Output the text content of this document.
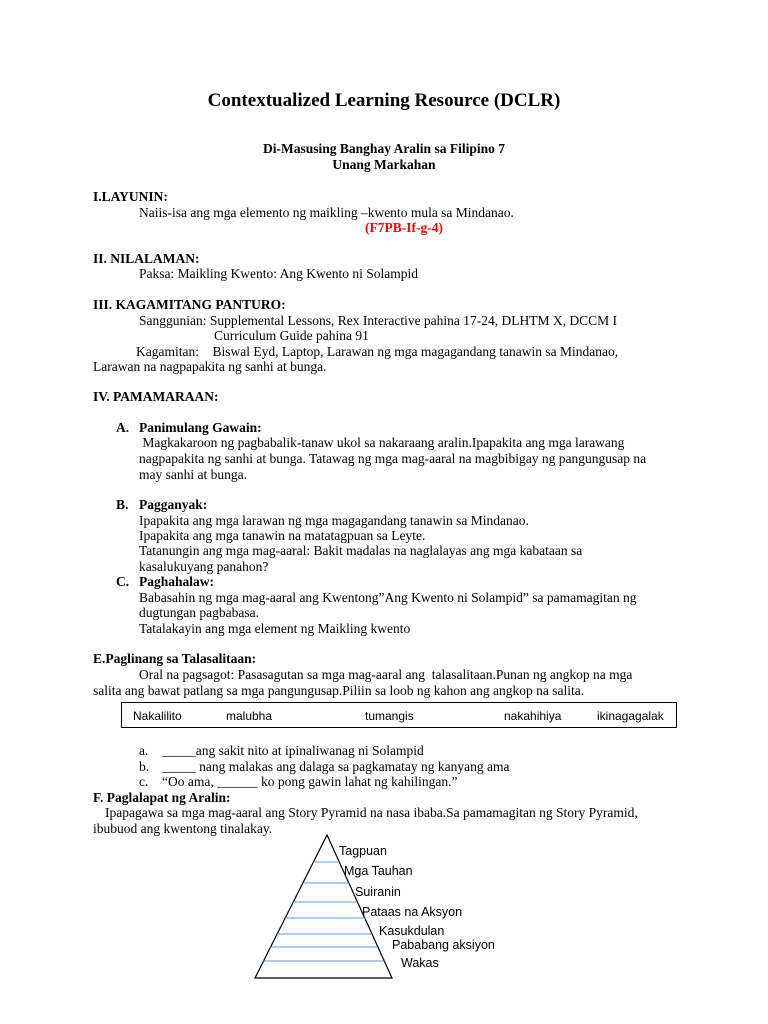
Contextualized Learning Resource (DCLR)
Di-Masusing Banghay Aralin sa Filipino 7
Unang Markahan
I.LAYUNIN:
Naiis-isa ang mga elemento ng maikling –kwento mula sa Mindanao.
(F7PB-If-g-4)
II. NILALAMAN:
Paksa: Maikling Kwento: Ang Kwento ni Solampid
III. KAGAMITANG PANTURO:
Sanggunian: Supplemental Lessons, Rex Interactive pahina 17-24, DLHTM X, DCCM I
Curriculum Guide pahina 91
Kagamitan:    Biswal Eyd, Laptop, Larawan ng mga magagandang tanawin sa Mindanao,
Larawan na nagpapakita ng sanhi at bunga.
IV. PAMAMARAAN:
A. Panimulang Gawain:
Magkakaroon ng pagbabalik-tanaw ukol sa nakaraang aralin.Ipapakita ang mga larawang
nagpapakita ng sanhi at bunga. Tatawag ng mga mag-aaral na magbibigay ng pangungusap na
may sanhi at bunga.
B. Pagganyak:
Ipapakita ang mga larawan ng mga magagandang tanawin sa Mindanao.
Ipapakita ang mga tanawin na matatagpuan sa Leyte.
Tatanungin ang mga mag-aaral: Bakit madalas na naglalayas ang mga kabataan sa
kasalukuyang panahon?
C. Paghahalaw:
Babasahin ng mga mag-aaral ang Kwentong”Ang Kwento ni Solampid” sa pamamagitan ng
dugtungan pagbabasa.
Tatalakayin ang mga element ng Maikling kwento
E.Paglinang sa Talasalitaan:
Oral na pagsagot: Pasasagutan sa mga mag-aaral ang  talasalitaan.Punan ng angkop na mga
salita ang bawat patlang sa mga pangungusap.Piliin sa loob ng kahon ang angkop na salita.
Nakalilito	malubha	tumangis	nakahihiya	ikinagagalak
a. _____ang sakit nito at ipinaliwanag ni Solampid
b. _____ nang malakas ang dalaga sa pagkamatay ng kanyang ama
c. “Oo ama, ______ ko pong gawin lahat ng kahilingan.”
F. Paglalapat ng Aralin:
Ipapagawa sa mga mag-aaral ang Story Pyramid na nasa ibaba.Sa pamamagitan ng Story Pyramid,
ibubuod ang kwentong tinalakay.
Tagpuan
Mga Tauhan
Suiranin
Pataas na Aksyon
Kasukdulan
Pababang aksiyon
Wakas
